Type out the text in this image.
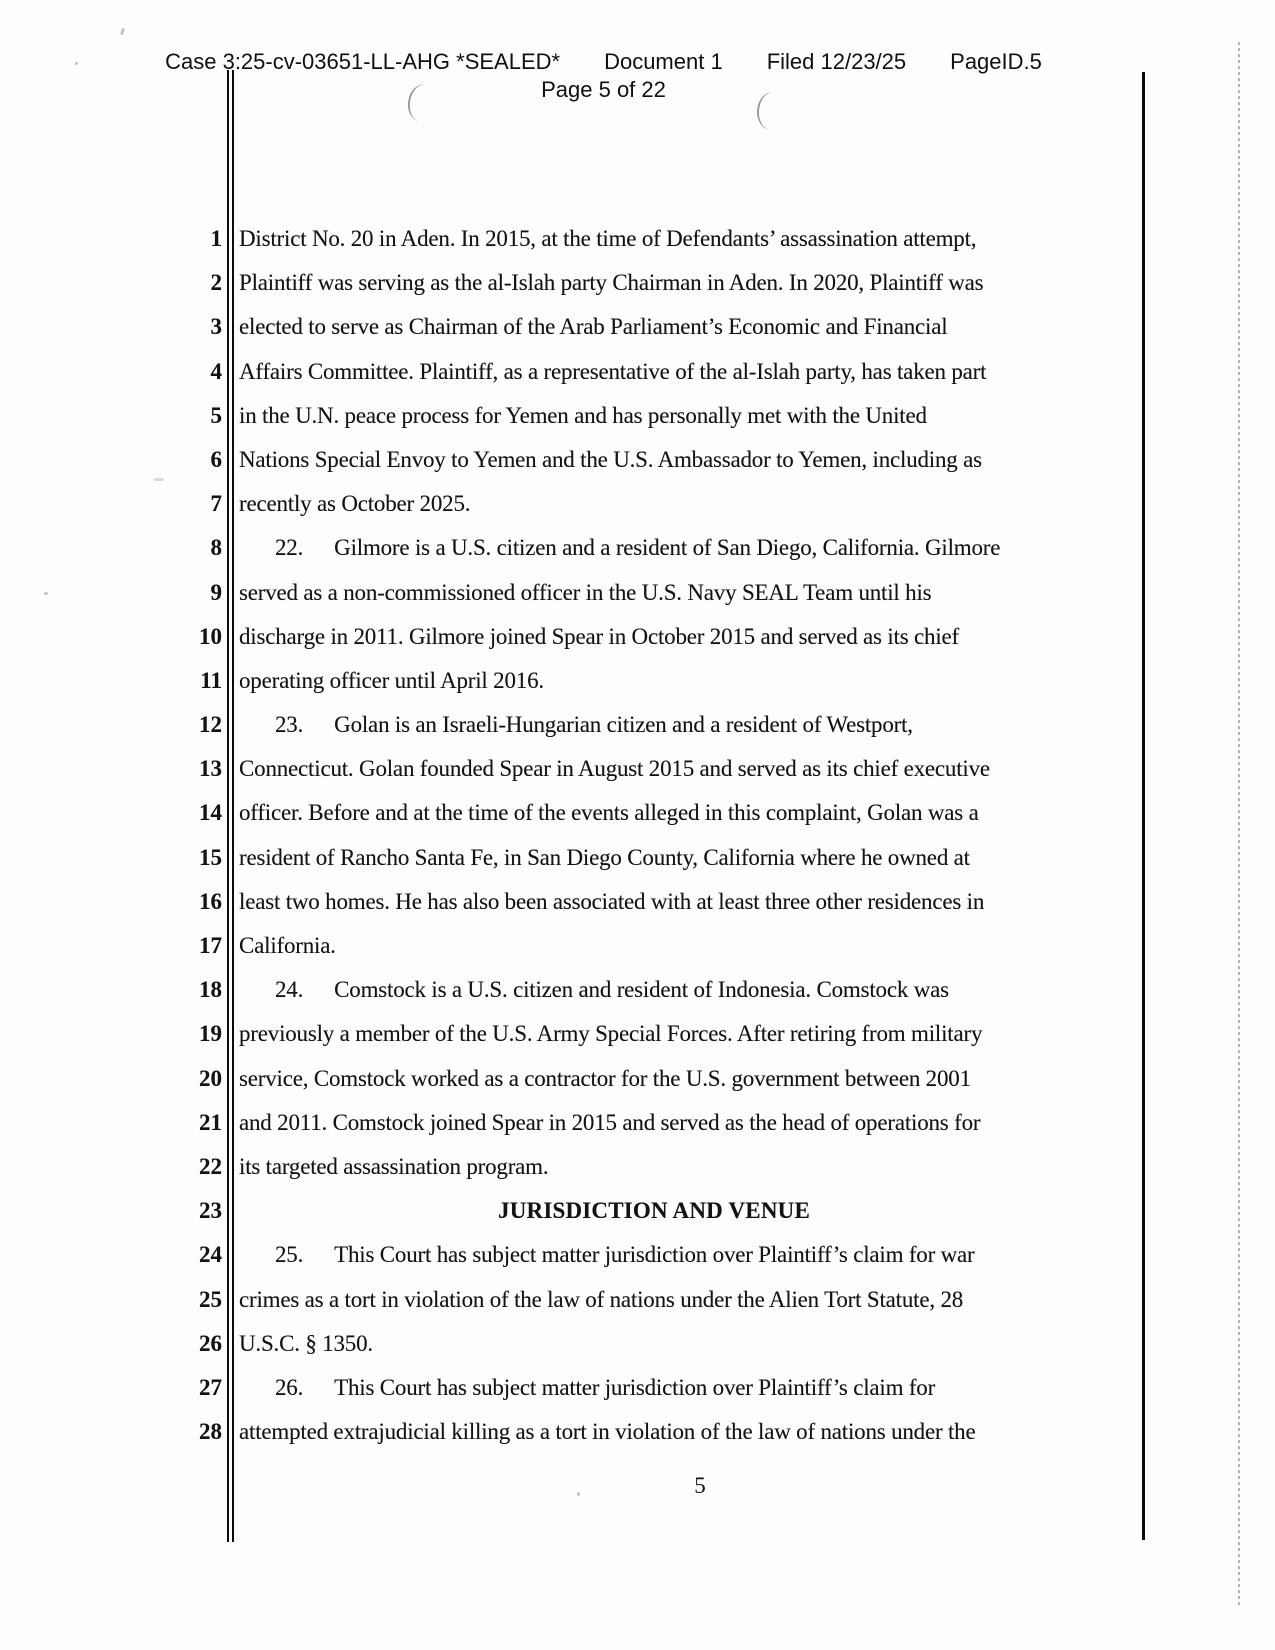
Case 3:25-cv-03651-LL-AHG *SEALED* Document 1 Filed 12/23/25 PageID.5
Page 5 of 22
1 District No. 20 in Aden. In 2015, at the time of Defendants’ assassination attempt,
2 Plaintiff was serving as the al-Islah party Chairman in Aden. In 2020, Plaintiff was
3 elected to serve as Chairman of the Arab Parliament’s Economic and Financial
4 Affairs Committee. Plaintiff, as a representative of the al-Islah party, has taken part
5 in the U.N. peace process for Yemen and has personally met with the United
6 Nations Special Envoy to Yemen and the U.S. Ambassador to Yemen, including as
7 recently as October 2025.
8 22. Gilmore is a U.S. citizen and a resident of San Diego, California. Gilmore
9 served as a non-commissioned officer in the U.S. Navy SEAL Team until his
10 discharge in 2011. Gilmore joined Spear in October 2015 and served as its chief
11 operating officer until April 2016.
12 23. Golan is an Israeli-Hungarian citizen and a resident of Westport,
13 Connecticut. Golan founded Spear in August 2015 and served as its chief executive
14 officer. Before and at the time of the events alleged in this complaint, Golan was a
15 resident of Rancho Santa Fe, in San Diego County, California where he owned at
16 least two homes. He has also been associated with at least three other residences in
17 California.
18 24. Comstock is a U.S. citizen and resident of Indonesia. Comstock was
19 previously a member of the U.S. Army Special Forces. After retiring from military
20 service, Comstock worked as a contractor for the U.S. government between 2001
21 and 2011. Comstock joined Spear in 2015 and served as the head of operations for
22 its targeted assassination program.
23	JURISDICTION AND VENUE
24 25. This Court has subject matter jurisdiction over Plaintiff’s claim for war
25 crimes as a tort in violation of the law of nations under the Alien Tort Statute, 28
26 U.S.C. § 1350.
27 26. This Court has subject matter jurisdiction over Plaintiff’s claim for
28 attempted extrajudicial killing as a tort in violation of the law of nations under the
5
